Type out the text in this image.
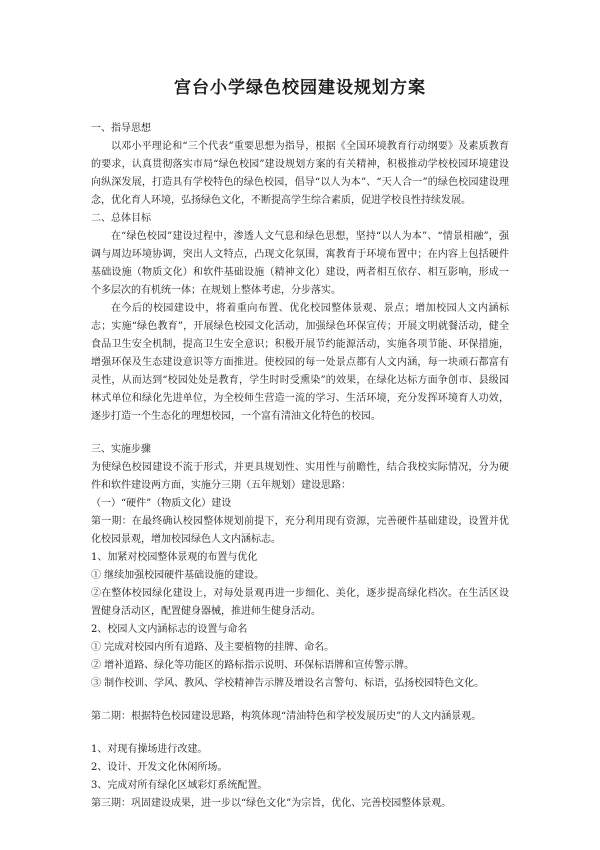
宫台小学绿色校园建设规划方案

一、指导思想

以邓小平理论和“三个代表”重要思想为指导，根据《全国环境教育行动纲要》及素质教育的要求，认真贯彻落实市局“绿色校园”建设规划方案的有关精神，积极推动学校校园环境建设向纵深发展，打造具有学校特色的绿色校园，倡导“以人为本”、“天人合一”的绿色校园建设理念，优化育人环境，弘扬绿色文化，不断提高学生综合素质，促进学校良性持续发展。

二、总体目标

在“绿色校园”建设过程中，渗透人文气息和绿色思想，坚持“以人为本”、“情景相融”，强调与周边环境协调，突出人文特点，凸现文化氛围，寓教育于环境布置中；在内容上包括硬件基础设施（物质文化）和软件基础设施（精神文化）建设，两者相互依存、相互影响，形成一个多层次的有机统一体；在规划上整体考虑，分步落实。

在今后的校园建设中，将着重向布置、优化校园整体景观、景点；增加校园人文内涵标志；实施“绿色教育”，开展绿色校园文化活动，加强绿色环保宣传；开展文明就餐活动，健全食品卫生安全机制，提高卫生安全意识；积极开展节约能源活动，实施各项节能、环保措施，增强环保及生态建设意识等方面推进。使校园的每一处景点都有人文内涵，每一块顽石都富有灵性，从而达到“校园处处是教育，学生时时受熏染”的效果，在绿化达标方面争创市、县级园林式单位和绿化先进单位，为全校师生营造一流的学习、生活环境，充分发挥环境育人功效，逐步打造一个生态化的理想校园，一个富有清油文化特色的校园。

三、实施步骤

为使绿色校园建设不流于形式，并更具规划性、实用性与前瞻性，结合我校实际情况，分为硬件和软件建设两方面，实施分三期（五年规划）建设思路：

（一）“硬件”（物质文化）建设

第一期：在最终确认校园整体规划前提下，充分利用现有资源，完善硬件基础建设，设置并优化校园景观，增加校园绿色人文内涵标志。

1、加紧对校园整体景观的布置与优化

① 继续加强校园硬件基础设施的建设。

②在整体校园绿化建设上，对每处景观再进一步细化、美化，逐步提高绿化档次。在生活区设置健身活动区，配置健身器械，推进师生健身活动。

2、校园人文内涵标志的设置与命名

① 完成对校园内所有道路、及主要植物的挂牌、命名。

② 增补道路、绿化等功能区的路标指示说明、环保标语牌和宣传警示牌。

③ 制作校训、学风、教风、学校精神告示牌及增设名言警句、标语，弘扬校园特色文化。

第二期：根据特色校园建设思路，构筑体现“清油特色和学校发展历史”的人文内涵景观。

1、对现有操场进行改建。

2、设计、开发文化休闲所场。

3、完成对所有绿化区域彩灯系统配置。

第三期：巩固建设成果，进一步以“绿色文化”为宗旨，优化、完善校园整体景观。
